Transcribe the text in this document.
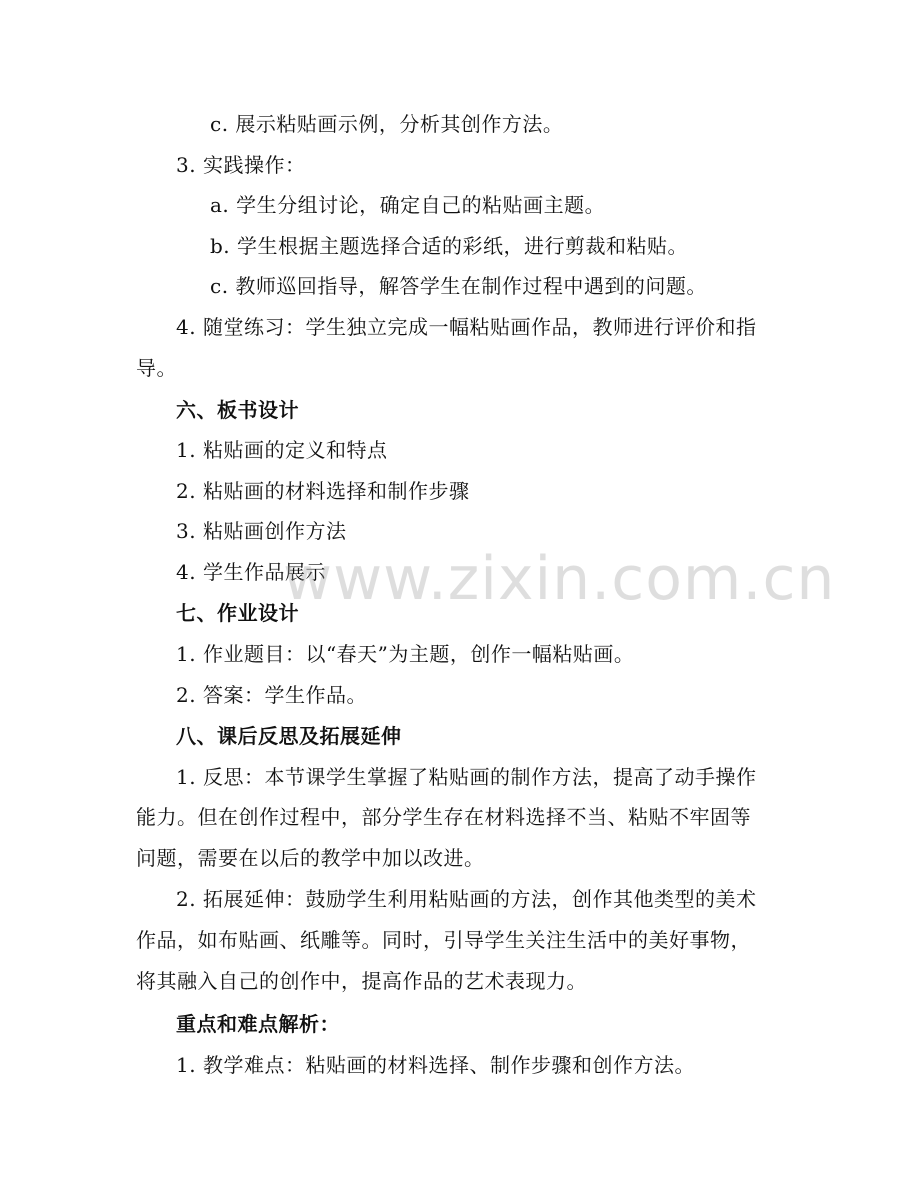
c. 展示粘贴画示例，分析其创作方法。
3. 实践操作：
a. 学生分组讨论，确定自己的粘贴画主题。
b. 学生根据主题选择合适的彩纸，进行剪裁和粘贴。
c. 教师巡回指导，解答学生在制作过程中遇到的问题。
4. 随堂练习：学生独立完成一幅粘贴画作品，教师进行评价和指
导。
六、板书设计
1. 粘贴画的定义和特点
2. 粘贴画的材料选择和制作步骤
3. 粘贴画创作方法
4. 学生作品展示
七、作业设计
1. 作业题目：以“春天”为主题，创作一幅粘贴画。
2. 答案：学生作品。
八、课后反思及拓展延伸
1. 反思：本节课学生掌握了粘贴画的制作方法，提高了动手操作
能力。但在创作过程中，部分学生存在材料选择不当、粘贴不牢固等
问题，需要在以后的教学中加以改进。
2. 拓展延伸：鼓励学生利用粘贴画的方法，创作其他类型的美术
作品，如布贴画、纸雕等。同时，引导学生关注生活中的美好事物，
将其融入自己的创作中，提高作品的艺术表现力。
重点和难点解析：
1. 教学难点：粘贴画的材料选择、制作步骤和创作方法。
www.zixin.com.cn
